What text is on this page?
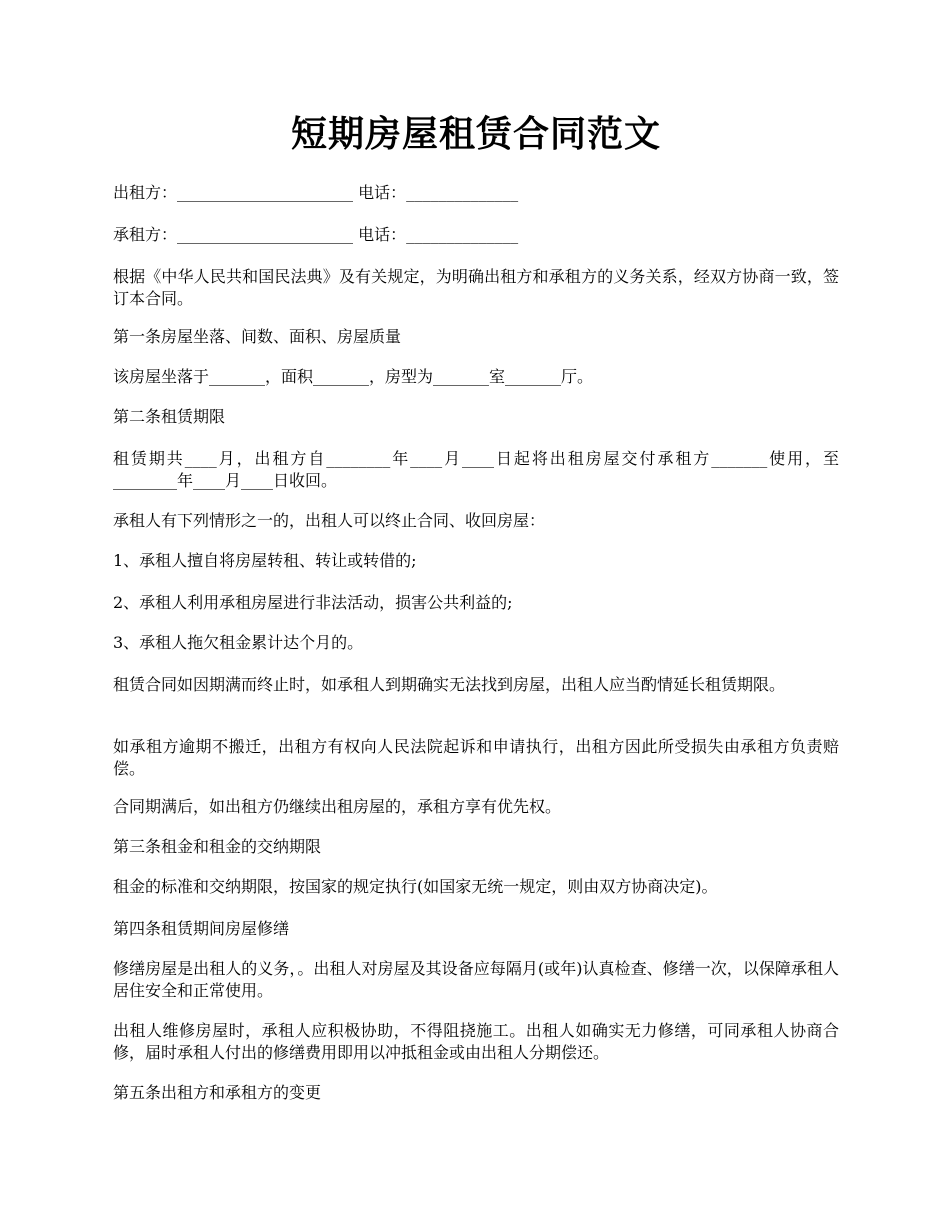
短期房屋租赁合同范文

出租方：______________________ 电话：______________

承租方：______________________ 电话：______________

根据《中华人民共和国民法典》及有关规定，为明确出租方和承租方的义务关系，经双方协商一致，签订本合同。

第一条房屋坐落、间数、面积、房屋质量

该房屋坐落于_______，面积_______，房型为_______室_______厅。

第二条租赁期限

租赁期共____月，出租方自________年____月____日起将出租房屋交付承租方_______使用，至________年____月____日收回。

承租人有下列情形之一的，出租人可以终止合同、收回房屋：

1、承租人擅自将房屋转租、转让或转借的;

2、承租人利用承租房屋进行非法活动，损害公共利益的;

3、承租人拖欠租金累计达个月的。

租赁合同如因期满而终止时，如承租人到期确实无法找到房屋，出租人应当酌情延长租赁期限。

如承租方逾期不搬迁，出租方有权向人民法院起诉和申请执行，出租方因此所受损失由承租方负责赔偿。

合同期满后，如出租方仍继续出租房屋的，承租方享有优先权。

第三条租金和租金的交纳期限

租金的标准和交纳期限，按国家的规定执行(如国家无统一规定，则由双方协商决定)。

第四条租赁期间房屋修缮

修缮房屋是出租人的义务，。出租人对房屋及其设备应每隔月(或年)认真检查、修缮一次，以保障承租人居住安全和正常使用。

出租人维修房屋时，承租人应积极协助，不得阻挠施工。出租人如确实无力修缮，可同承租人协商合修，届时承租人付出的修缮费用即用以冲抵租金或由出租人分期偿还。

第五条出租方和承租方的变更
